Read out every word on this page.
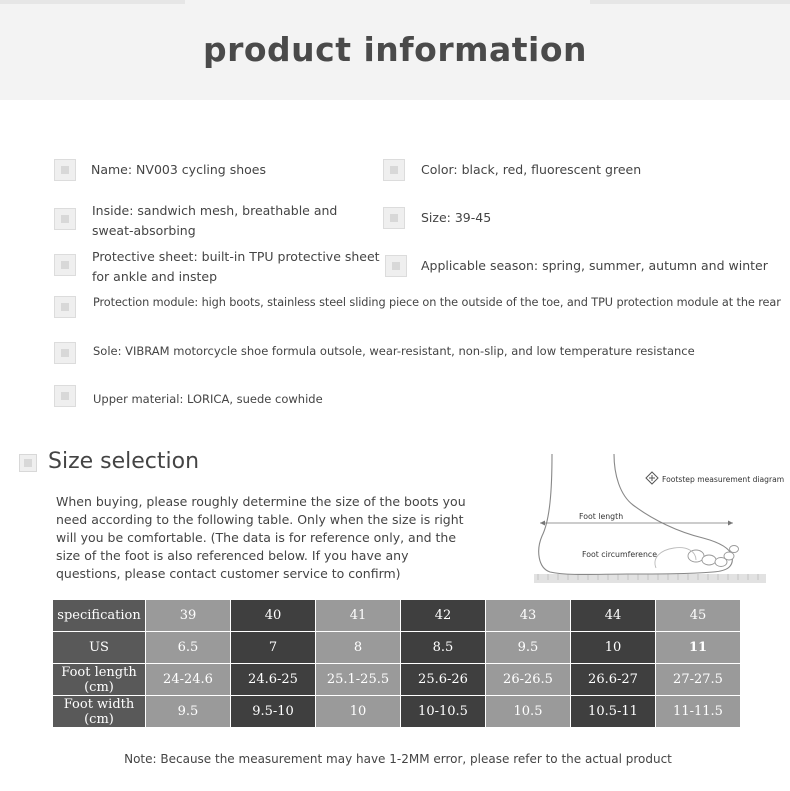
product information
Name: NV003 cycling shoes	Color: black, red, fluorescent green
Inside: sandwich mesh, breathable and sweat-absorbing
Size: 39-45
Protective sheet: built-in TPU protective sheet for ankle and instep
Applicable season: spring, summer, autumn and winter
Protection module: high boots, stainless steel sliding piece on the outside of the toe, and TPU protection module at the rear
Sole: VIBRAM motorcycle shoe formula outsole, wear-resistant, non-slip, and low temperature resistance
Upper material: LORICA, suede cowhide
Size selection
When buying, please roughly determine the size of the boots you need according to the following table. Only when the size is right will you be comfortable. (The data is for reference only, and the size of the foot is also referenced below. If you have any questions, please contact customer service to confirm)
Footstep measurement diagram
Foot length
Foot circumference
specification	39	40	41	42	43	44	45
US	6.5	7	8	8.5	9.5	10	11
Foot length (cm)	24-24.6	24.6-25	25.1-25.5	25.6-26	26-26.5	26.6-27	27-27.5
Foot width (cm)	9.5	9.5-10	10	10-10.5	10.5	10.5-11	11-11.5
Note: Because the measurement may have 1-2MM error, please refer to the actual product
